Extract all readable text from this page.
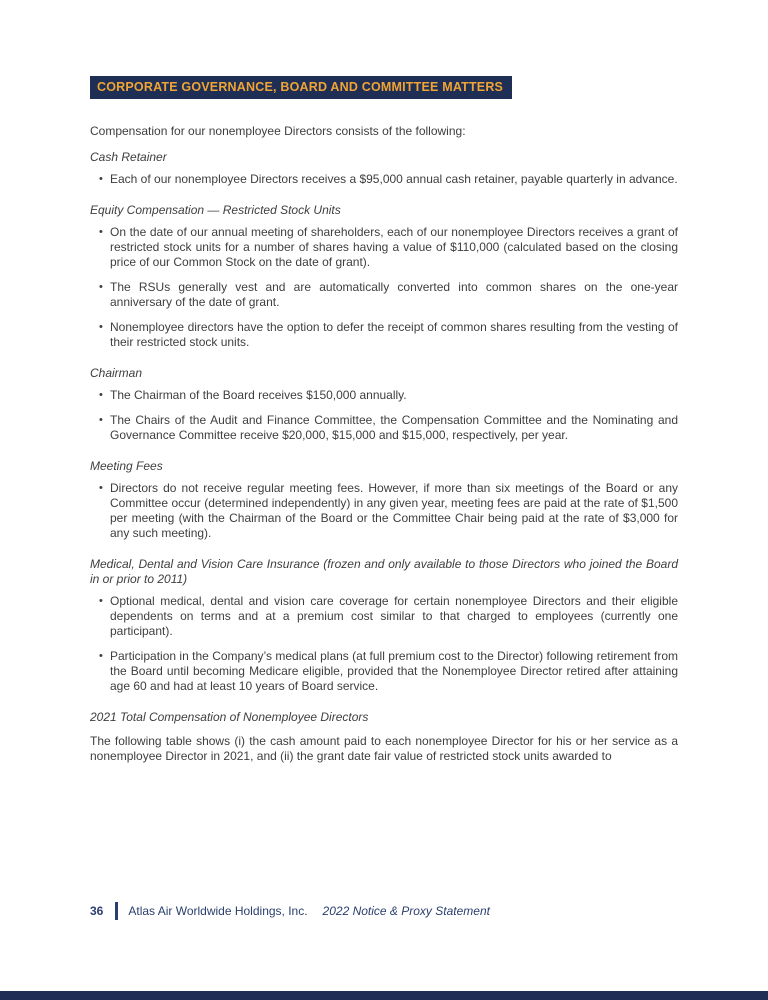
CORPORATE GOVERNANCE, BOARD AND COMMITTEE MATTERS
Compensation for our nonemployee Directors consists of the following:
Cash Retainer
• Each of our nonemployee Directors receives a $95,000 annual cash retainer, payable quarterly in advance.
Equity Compensation — Restricted Stock Units
• On the date of our annual meeting of shareholders, each of our nonemployee Directors receives a grant of restricted stock units for a number of shares having a value of $110,000 (calculated based on the closing price of our Common Stock on the date of grant).
• The RSUs generally vest and are automatically converted into common shares on the one-year anniversary of the date of grant.
• Nonemployee directors have the option to defer the receipt of common shares resulting from the vesting of their restricted stock units.
Chairman
• The Chairman of the Board receives $150,000 annually.
• The Chairs of the Audit and Finance Committee, the Compensation Committee and the Nominating and Governance Committee receive $20,000, $15,000 and $15,000, respectively, per year.
Meeting Fees
• Directors do not receive regular meeting fees. However, if more than six meetings of the Board or any Committee occur (determined independently) in any given year, meeting fees are paid at the rate of $1,500 per meeting (with the Chairman of the Board or the Committee Chair being paid at the rate of $3,000 for any such meeting).
Medical, Dental and Vision Care Insurance (frozen and only available to those Directors who joined the Board in or prior to 2011)
• Optional medical, dental and vision care coverage for certain nonemployee Directors and their eligible dependents on terms and at a premium cost similar to that charged to employees (currently one participant).
• Participation in the Company’s medical plans (at full premium cost to the Director) following retirement from the Board until becoming Medicare eligible, provided that the Nonemployee Director retired after attaining age 60 and had at least 10 years of Board service.
2021 Total Compensation of Nonemployee Directors
The following table shows (i) the cash amount paid to each nonemployee Director for his or her service as a nonemployee Director in 2021, and (ii) the grant date fair value of restricted stock units awarded to
36 Atlas Air Worldwide Holdings, Inc. 2022 Notice & Proxy Statement
